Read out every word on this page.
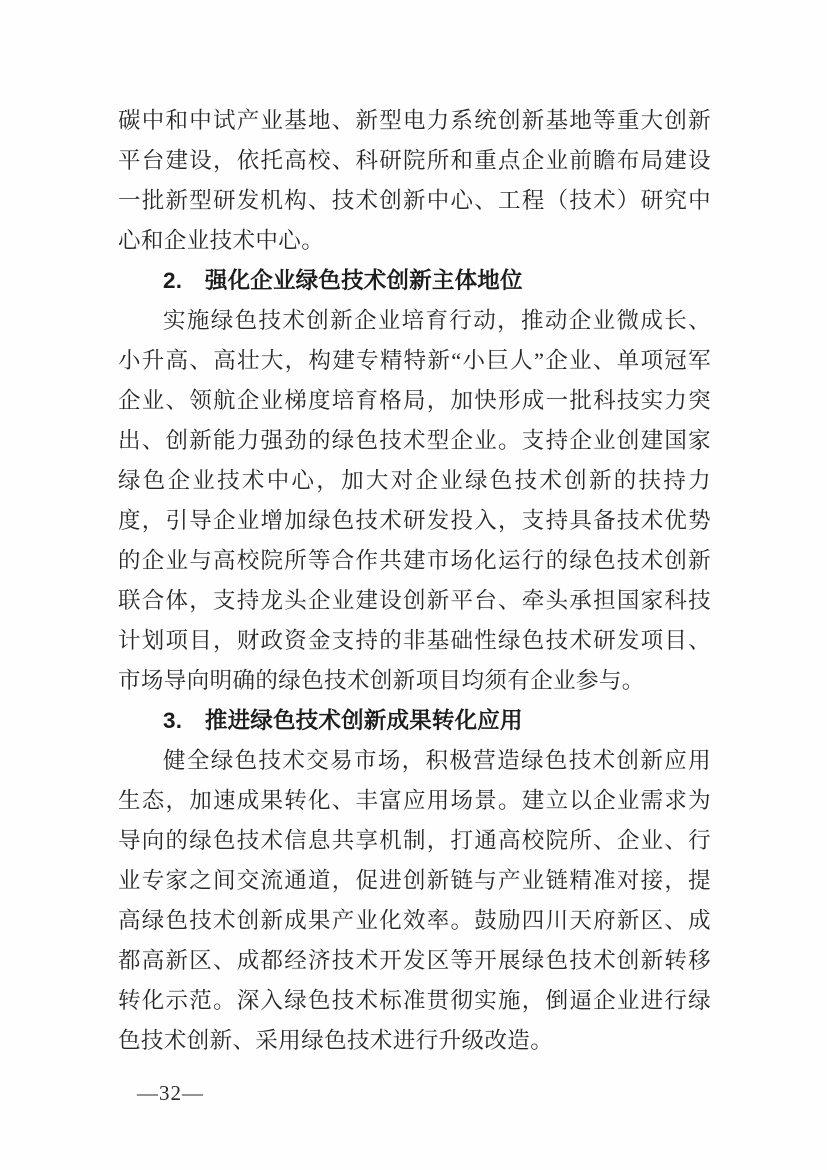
碳中和中试产业基地、新型电力系统创新基地等重大创新平台建设，依托高校、科研院所和重点企业前瞻布局建设一批新型研发机构、技术创新中心、工程（技术）研究中心和企业技术中心。

2.　强化企业绿色技术创新主体地位

实施绿色技术创新企业培育行动，推动企业微成长、小升高、高壮大，构建专精特新“小巨人”企业、单项冠军企业、领航企业梯度培育格局，加快形成一批科技实力突出、创新能力强劲的绿色技术型企业。支持企业创建国家绿色企业技术中心，加大对企业绿色技术创新的扶持力度，引导企业增加绿色技术研发投入，支持具备技术优势的企业与高校院所等合作共建市场化运行的绿色技术创新联合体，支持龙头企业建设创新平台、牵头承担国家科技计划项目，财政资金支持的非基础性绿色技术研发项目、市场导向明确的绿色技术创新项目均须有企业参与。

3.　推进绿色技术创新成果转化应用

健全绿色技术交易市场，积极营造绿色技术创新应用生态，加速成果转化、丰富应用场景。建立以企业需求为导向的绿色技术信息共享机制，打通高校院所、企业、行业专家之间交流通道，促进创新链与产业链精准对接，提高绿色技术创新成果产业化效率。鼓励四川天府新区、成都高新区、成都经济技术开发区等开展绿色技术创新转移转化示范。深入绿色技术标准贯彻实施，倒逼企业进行绿色技术创新、采用绿色技术进行升级改造。

—32—
